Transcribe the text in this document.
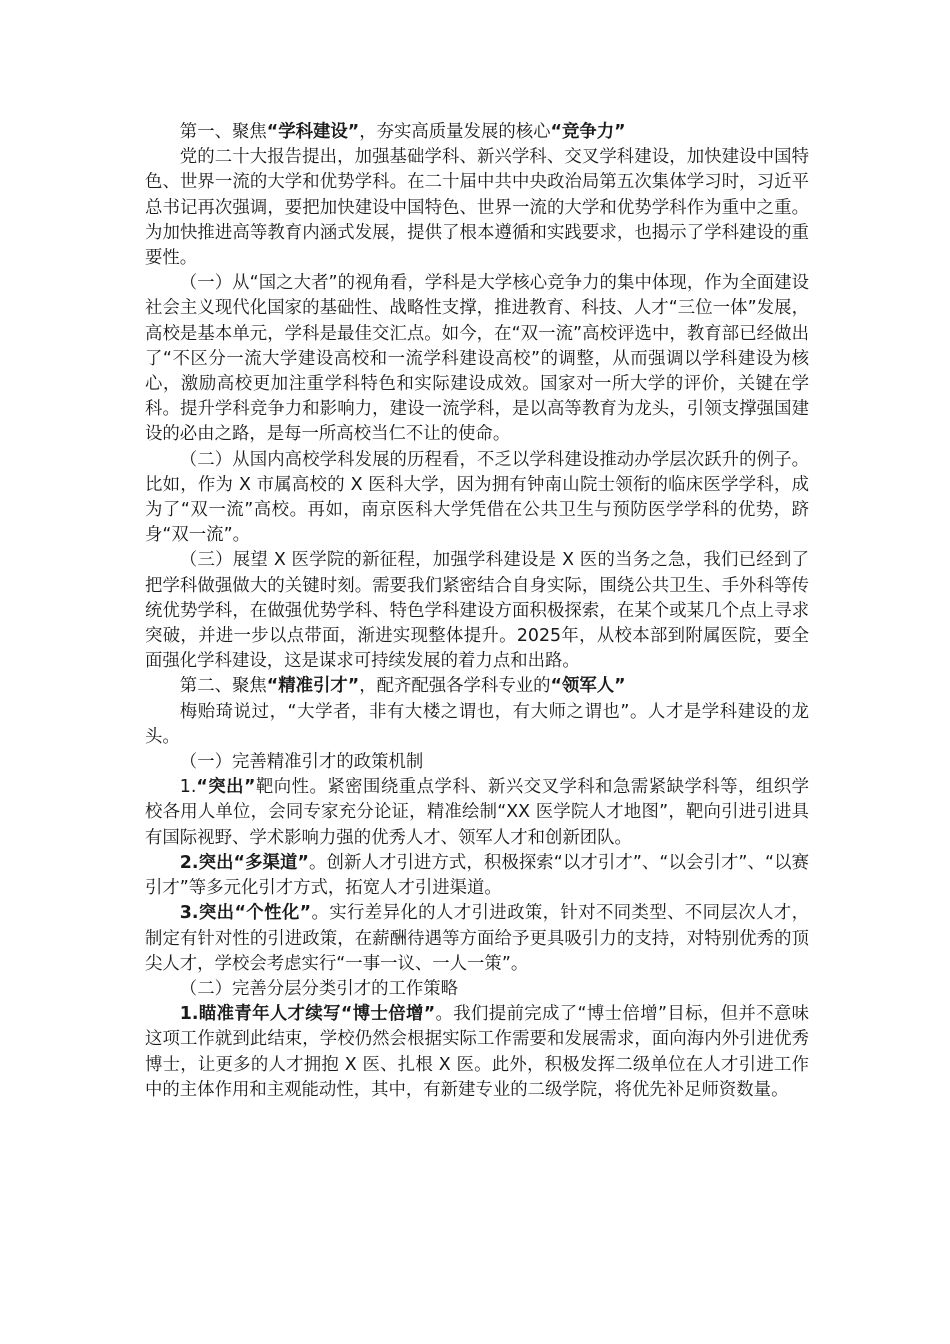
第一、聚焦“学科建设”，夯实高质量发展的核心“竞争力”

党的二十大报告提出，加强基础学科、新兴学科、交叉学科建设，加快建设中国特色、世界一流的大学和优势学科。在二十届中共中央政治局第五次集体学习时，习近平总书记再次强调，要把加快建设中国特色、世界一流的大学和优势学科作为重中之重。为加快推进高等教育内涵式发展，提供了根本遵循和实践要求，也揭示了学科建设的重要性。

（一）从“国之大者”的视角看，学科是大学核心竞争力的集中体现，作为全面建设社会主义现代化国家的基础性、战略性支撑，推进教育、科技、人才“三位一体”发展，高校是基本单元，学科是最佳交汇点。如今，在“双一流”高校评选中，教育部已经做出了“不区分一流大学建设高校和一流学科建设高校”的调整，从而强调以学科建设为核心，激励高校更加注重学科特色和实际建设成效。国家对一所大学的评价，关键在学科。提升学科竞争力和影响力，建设一流学科，是以高等教育为龙头，引领支撑强国建设的必由之路，是每一所高校当仁不让的使命。

（二）从国内高校学科发展的历程看，不乏以学科建设推动办学层次跃升的例子。比如，作为 X 市属高校的 X 医科大学，因为拥有钟南山院士领衔的临床医学学科，成为了“双一流”高校。再如，南京医科大学凭借在公共卫生与预防医学学科的优势，跻身“双一流”。

（三）展望 X 医学院的新征程，加强学科建设是 X 医的当务之急，我们已经到了把学科做强做大的关键时刻。需要我们紧密结合自身实际，围绕公共卫生、手外科等传统优势学科，在做强优势学科、特色学科建设方面积极探索，在某个或某几个点上寻求突破，并进一步以点带面，渐进实现整体提升。2025年，从校本部到附属医院，要全面强化学科建设，这是谋求可持续发展的着力点和出路。

第二、聚焦“精准引才”，配齐配强各学科专业的“领军人”

梅贻琦说过，“大学者，非有大楼之谓也，有大师之谓也”。人才是学科建设的龙头。

（一）完善精准引才的政策机制

1.“突出”靶向性。紧密围绕重点学科、新兴交叉学科和急需紧缺学科等，组织学校各用人单位，会同专家充分论证，精准绘制“XX 医学院人才地图”，靶向引进引进具有国际视野、学术影响力强的优秀人才、领军人才和创新团队。

2.突出“多渠道”。创新人才引进方式，积极探索“以才引才”、“以会引才”、“以赛引才”等多元化引才方式，拓宽人才引进渠道。

3.突出“个性化”。实行差异化的人才引进政策，针对不同类型、不同层次人才，制定有针对性的引进政策，在薪酬待遇等方面给予更具吸引力的支持，对特别优秀的顶尖人才，学校会考虑实行“一事一议、一人一策”。

（二）完善分层分类引才的工作策略

1.瞄准青年人才续写“博士倍增”。我们提前完成了“博士倍增”目标，但并不意味这项工作就到此结束，学校仍然会根据实际工作需要和发展需求，面向海内外引进优秀博士，让更多的人才拥抱 X 医、扎根 X 医。此外，积极发挥二级单位在人才引进工作中的主体作用和主观能动性，其中，有新建专业的二级学院，将优先补足师资数量。
